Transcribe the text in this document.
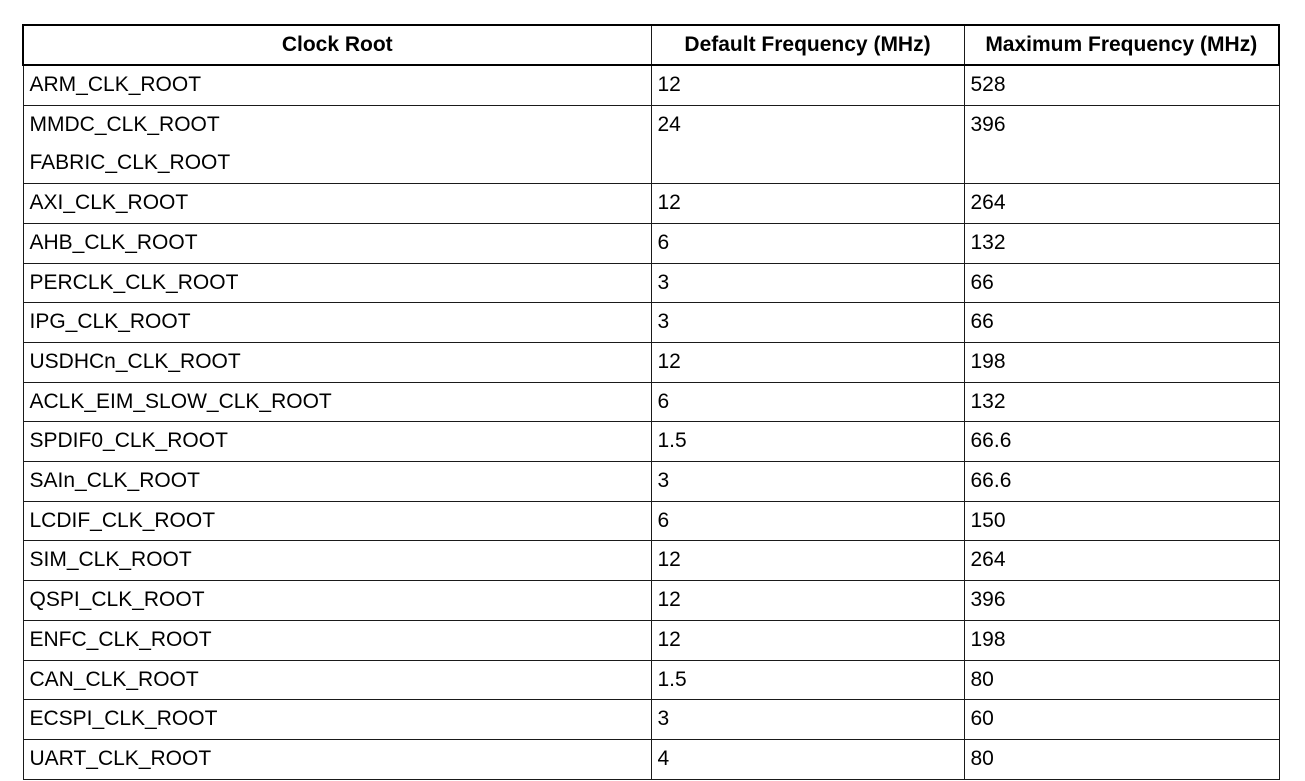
Clock Root	Default Frequency (MHz)	Maximum Frequency (MHz)

ARM_CLK_ROOT	12	528

MMDC_CLK_ROOT
FABRIC_CLK_ROOT	24	396

AXI_CLK_ROOT	12	264

AHB_CLK_ROOT	6	132

PERCLK_CLK_ROOT	3	66

IPG_CLK_ROOT	3	66

USDHCn_CLK_ROOT	12	198

ACLK_EIM_SLOW_CLK_ROOT	6	132

SPDIF0_CLK_ROOT	1.5	66.6

SAIn_CLK_ROOT	3	66.6

LCDIF_CLK_ROOT	6	150

SIM_CLK_ROOT	12	264

QSPI_CLK_ROOT	12	396

ENFC_CLK_ROOT	12	198

CAN_CLK_ROOT	1.5	80

ECSPI_CLK_ROOT	3	60

UART_CLK_ROOT	4	80
